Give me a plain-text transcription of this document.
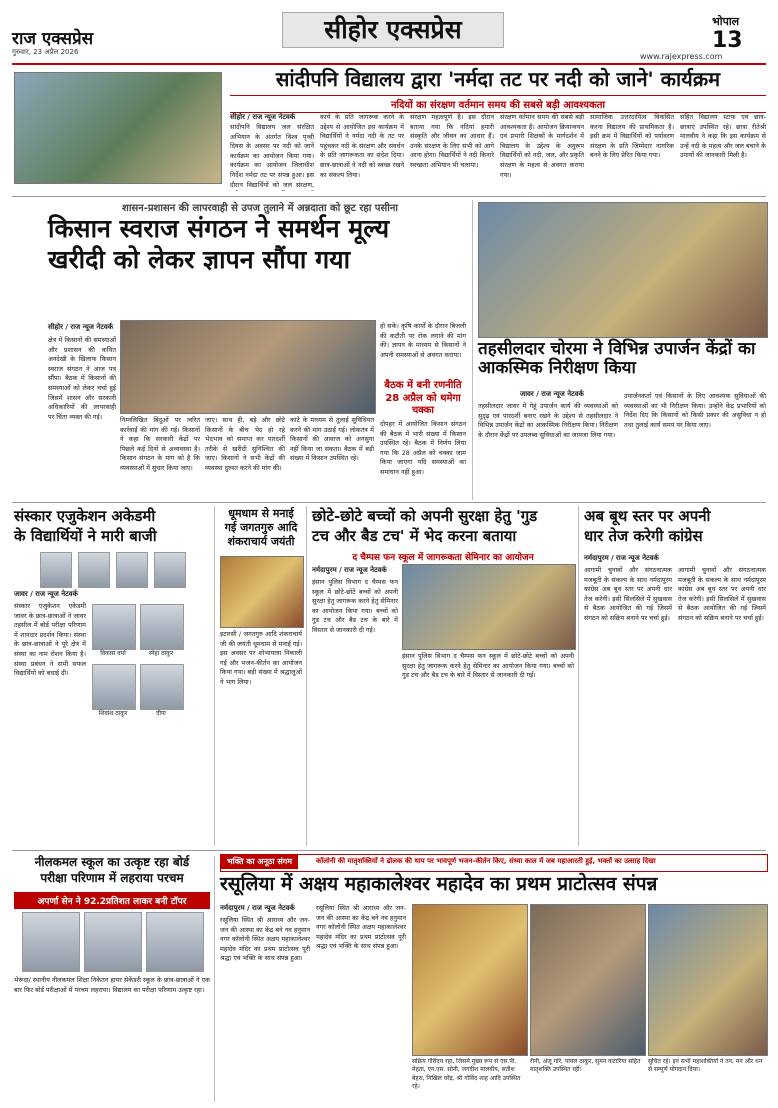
राज एक्सप्रेस
गुरुवार, 23 अप्रैल 2026
सीहोर एक्सप्रेस	भोपाल
13
www.rajexpress.com
सांदीपनि विद्यालय द्वारा 'नर्मदा तट पर नदी को जाने' कार्यक्रम
नदियों का संरक्षण वर्तमान समय की सबसे बड़ी आवश्यकता
सीहोर / राज न्यूज नेटवर्क
सांदीपनि विद्यालय जल संरक्षित अभियान के अंतर्गत विश्व पृथ्वी दिवस के अवसर पर नदी को जानें कार्यक्रम का आयोजन किया गया। कार्यक्रम का आयोजन जिलाधीश निर्देश नर्मदा तट पर संपन्न हुआ। इस दौरान विद्यार्थियों को जल संरक्षण,
कार्य के प्रति जागरूक करने के उद्देश्य से आयोजित इस कार्यक्रम में विद्यार्थियों ने नर्मदा नदी के तट पर पहुंचकर नदी के संरक्षण और संवर्धन के प्रति जागरूकता का संदेश दिया। छात्र-छात्राओं ने नदी को स्वच्छ रखने का संकल्प लिया।
संरक्षण महत्वपूर्ण है। इस दौरान बताया गया कि नदियां हमारी संस्कृति और जीवन का आधार हैं। उनके संरक्षण के लिए सभी को आगे आना होगा। विद्यार्थियों ने नदी किनारे स्वच्छता अभियान भी चलाया।
संरक्षण वर्तमान समय की सबसे बड़ी आवश्यकता है। आयोजन क्रियान्वयन एवं प्रभारी शिक्षकों के मार्गदर्शन में विद्यालय के उद्देश्य के अनुरूप विद्यार्थियों को नदी, जल, और प्रकृति संरक्षण के महत्व से अवगत कराया गया।
सामाजिक उत्तरदायित्व विकसित करना विद्यालय की प्राथमिकता है। इसी क्रम में विद्यार्थियों को पर्यावरण संरक्षण के प्रति जिम्मेदार नागरिक बनने के लिए प्रेरित किया गया।
सहित विद्यालय स्टाफ एवं छात्र-छात्राएं उपस्थित रहे। छात्रा रीतेश्री मालवीय ने कहा कि इस कार्यक्रम से उन्हें नदी के महत्व और जल बचाने के उपायों की जानकारी मिली है।
शासन-प्रशासन की लापरवाही से उपज तुलाने में अन्नदाता को छूट रहा पसीना
किसान स्वराज संगठन ने समर्थन मूल्य
खरीदी को लेकर ज्ञापन सौंपा गया
सीहोर / राज न्यूज नेटवर्क
क्षेत्र में किसानों की समस्याओं और प्रशासन की कथित अनदेखी के खिलाफ किसान स्वराज संगठन ने आज पत्र सौंपा। बैठक में किसानों की समस्याओं को लेकर चर्चा हुई जिसमें शासन और सरकारी अधिकारियों की लापरवाही पर चिंता व्यक्त की गई।	निम्नलिखित बिंदुओं पर त्वरित कार्रवाई की मांग की गई। किसानों ने कहा कि सरकारी केंद्रों पर पिछले कई दिनों से अव्यवस्था है। किसान संगठन के मांग को है कि व्यवस्थाओं में सुधार किया जाए।
जाए। साथ ही, बड़े और छोटे किसानों के बीच भेद हो रहे भेदभाव को समाप्त कर पारदर्शी तरीके से खरीदी सुनिश्चित की जाए। किसानों ने सभी केंद्रों की व्यवस्था दुरुस्त करने की मांग की।
कांटे के माध्यम से तुलाई सुविधियत करने की मांग उठाई गई। लोकतंत्र में किसानों की आवाज को अनसुना नहीं किया जा सकता। बैठक में बड़ी संख्या में किसान उपस्थित रहे।
हो सकें। कृषि कार्यों के दौरान बिजली की कटौती पर रोक लगाने की मांग की। ज्ञापन के माध्यम से किसानों ने अपनी समस्याओं से अवगत कराया।
बैठक में बनी रणनीति 28 अप्रैल को थमेगा चक्का
दोपहर में आयोजित किसान संगठन की बैठक में भारी संख्या में किसान उपस्थित रहे। बैठक में निर्णय लिया गया कि 28 अप्रैल को चक्का जाम किया जाएगा यदि समस्याओं का समाधान नहीं हुआ।
तहसीलदार चोरमा ने विभिन्न उपार्जन केंद्रों का आकस्मिक निरीक्षण किया
जावर / राज न्यूज नेटवर्क
तहसीलदार जावर में गेहूं उपार्जन कार्य की व्यवस्थाओं को सुदृढ़ एवं पारदर्शी बनाए रखने के उद्देश्य से तहसीलदार ने विभिन्न उपार्जन केंद्रों का आकस्मिक निरीक्षण किया। निरीक्षण के दौरान केंद्रों पर उपलब्ध सुविधाओं का जायजा लिया गया।
उपार्जनकर्ता एवं किसानों के लिए आवश्यक सुविधाओं की व्यवस्थाओं का भी निरीक्षण किया। उन्होंने केंद्र प्रभारियों को निर्देश दिए कि किसानों को किसी प्रकार की असुविधा न हो तथा तुलाई कार्य समय पर किया जाए।
संस्कार एजुकेशन अकेडमी
के विद्यार्थियों ने मारी बाजी
जावर / राज न्यूज नेटवर्क
संस्कार एजुकेशन एकेडमी जावर के छात्र-छात्राओं ने जावर तहसील में बोर्ड परीक्षा परिणाम में शानदार प्रदर्शन किया। संस्था के छात्र-छात्राओं ने पूरे क्षेत्र में संस्था का नाम रोशन किया है। संस्था प्रबंधन ने सभी सफल विद्यार्थियों को बधाई दी।
विकास वर्मा	स्नेहा ठाकुर
शिवांश ठाकुर	दीपा
धूमधाम से मनाई
गई जगतगुरु आदि
शंकराचार्य जयंती
इटारसी / जगतगुरु आदि शंकराचार्य जी की जयंती धूमधाम से मनाई गई। इस अवसर पर शोभायात्रा निकाली गई और भजन-कीर्तन का आयोजन किया गया। बड़ी संख्या में श्रद्धालुओं ने भाग लिया।
छोटे-छोटे बच्चों को अपनी सुरक्षा हेतु 'गुड
टच और बैड टच' में भेद करना बताया
द चैम्पस फन स्कूल में जागरूकता सेमिनार का आयोजन
नर्मदापुरम / राज न्यूज नेटवर्क
इंसान पुलिस विभाग द चैम्पस फन स्कूल में छोटे-छोटे बच्चों को अपनी सुरक्षा हेतु जागरूक करने हेतु सेमिनार का आयोजन किया गया। बच्चों को गुड टच और बैड टच के बारे में विस्तार से जानकारी दी गई।
इंसान पुलिस विभाग द चैम्पस फन स्कूल में छोटे-छोटे बच्चों को अपनी सुरक्षा हेतु जागरूक करने हेतु सेमिनार का आयोजन किया गया। बच्चों को गुड टच और बैड टच के बारे में विस्तार से जानकारी दी गई।
अब बूथ स्तर पर अपनी
धार तेज करेगी कांग्रेस
नर्मदापुरम / राज न्यूज नेटवर्क
आगामी चुनावों और संगठनात्मक मजबूती के संकल्प के साथ नर्मदापुरम कांग्रेस अब बूथ स्तर पर अपनी धार तेज करेगी। इसी सिलसिले में सुखवास से बैठक आयोजित की गई जिसमें संगठन को सक्रिय बनाने पर चर्चा हुई।
आगामी चुनावों और संगठनात्मक मजबूती के संकल्प के साथ नर्मदापुरम कांग्रेस अब बूथ स्तर पर अपनी धार तेज करेगी। इसी सिलसिले में सुखवास से बैठक आयोजित की गई जिसमें संगठन को सक्रिय बनाने पर चर्चा हुई।
नीलकमल स्कूल का उत्कृष्ट रहा बोर्ड
परीक्षा परिणाम में लहराया परचम
अपर्णा सेन ने 92.2प्रतिशत लाकर बनी टॉपर
भेरूंदा/ स्थानीय नीलकमल शिक्षा निकेतन हायर सेकेंडरी स्कूल के छात्र-छात्राओं ने एक बार फिर बोर्ड परीक्षाओं में परचम लहराया। विद्यालय का परीक्षा परिणाम उत्कृष्ट रहा।
भक्ति का अनूठा संगम	कॉलोनी की मातृशक्तियों ने ढोलक की थाप पर भावपूर्ण भजन-कीर्तन किए, संध्या काल में जब महाआरती हुई, भक्तों का उत्साह दिखा
रसूलिया में अक्षय महाकालेश्वर महादेव का प्रथम प्राटोत्सव संपन्न
नर्मदापुरम / राज न्यूज नेटवर्क
रसूलिया स्थित श्री आराध्य और जन-जन की आस्था का केंद्र बने नव हनुमान नगर कॉलोनी स्थित अक्षय महाकालेश्वर महादेव मंदिर का प्रथम प्राटोत्सव पूरी श्रद्धा एवं भक्ति के साथ संपन्न हुआ।
रसूलिया स्थित श्री आराध्य और जन-जन की आस्था का केंद्र बने नव हनुमान नगर कॉलोनी स्थित अक्षय महाकालेश्वर महादेव मंदिर का प्रथम प्राटोत्सव पूरी श्रद्धा एवं भक्ति के साथ संपन्न हुआ।
सक्रिय गौरीदय रहा, जिसमें मुख्य रूप से एस.पी. मेहता, एन.एस. सोनी, जगदीश मालवीय, सतीश बेहरा, निखिल वरेंद्र, श्री गोविंद शाह आदि उपस्थित रहे।
रीनी, अंजू गोरे, पायल ठाकुर, सुमन कटारिया सहित मातृशक्ति उपस्थित रहीं।
सुचित रहे। इन सभी महाशक्तियों ने तन, मन और धन से सम्पूर्ण योगदान दिया।
